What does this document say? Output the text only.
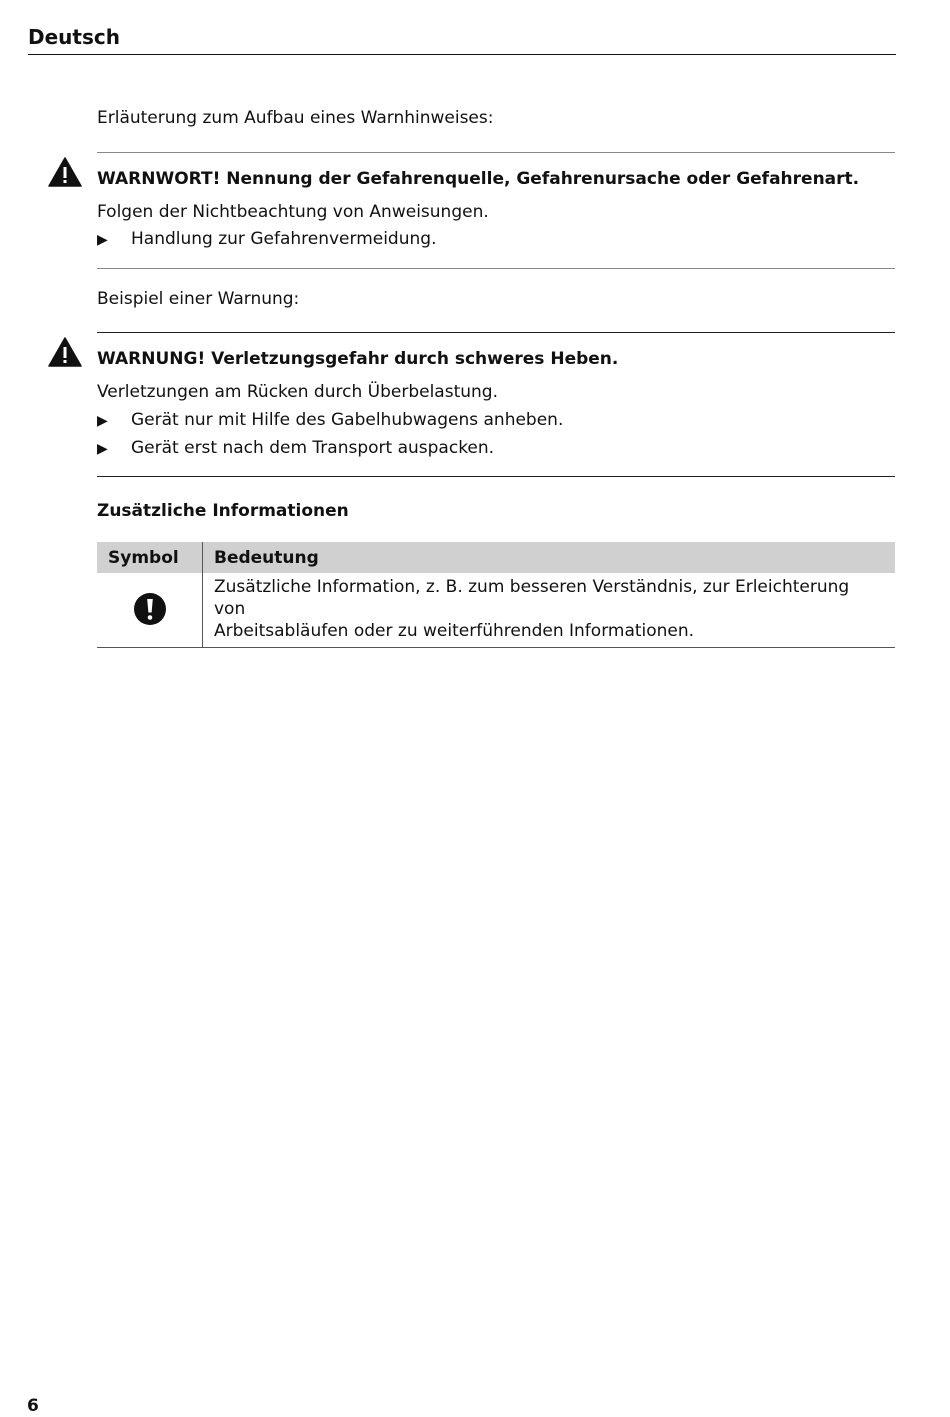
Deutsch
Erläuterung zum Aufbau eines Warnhinweises:
WARNWORT! Nennung der Gefahrenquelle, Gefahrenursache oder Gefahrenart.
Folgen der Nichtbeachtung von Anweisungen.
▶ Handlung zur Gefahrenvermeidung.
Beispiel einer Warnung:
WARNUNG! Verletzungsgefahr durch schweres Heben.
Verletzungen am Rücken durch Überbelastung.
▶ Gerät nur mit Hilfe des Gabelhubwagens anheben.
▶ Gerät erst nach dem Transport auspacken.
Zusätzliche Informationen
Symbol	Bedeutung

Zusätzliche Information, z. B. zum besseren Verständnis, zur Erleichterung von
Arbeitsabläufen oder zu weiterführenden Informationen.
6
